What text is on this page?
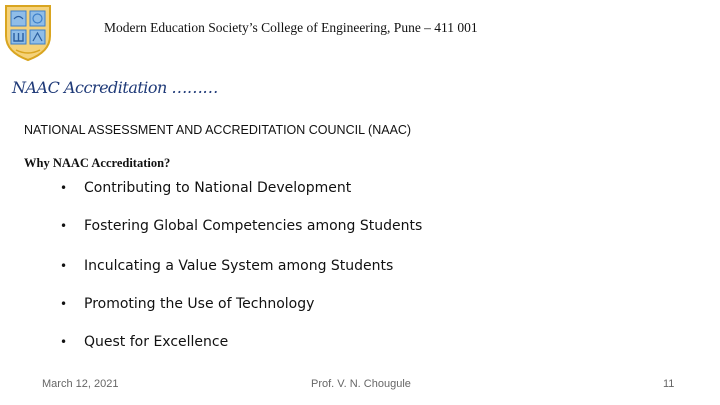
Modern Education Society’s College of Engineering, Pune – 411 001
NAAC Accreditation ………
NATIONAL ASSESSMENT AND ACCREDITATION COUNCIL (NAAC)
Why NAAC Accreditation?
• Contributing to National Development
• Fostering Global Competencies among Students
• Inculcating a Value System among Students
• Promoting the Use of Technology
• Quest for Excellence
March 12, 2021	Prof. V. N. Chougule	11
